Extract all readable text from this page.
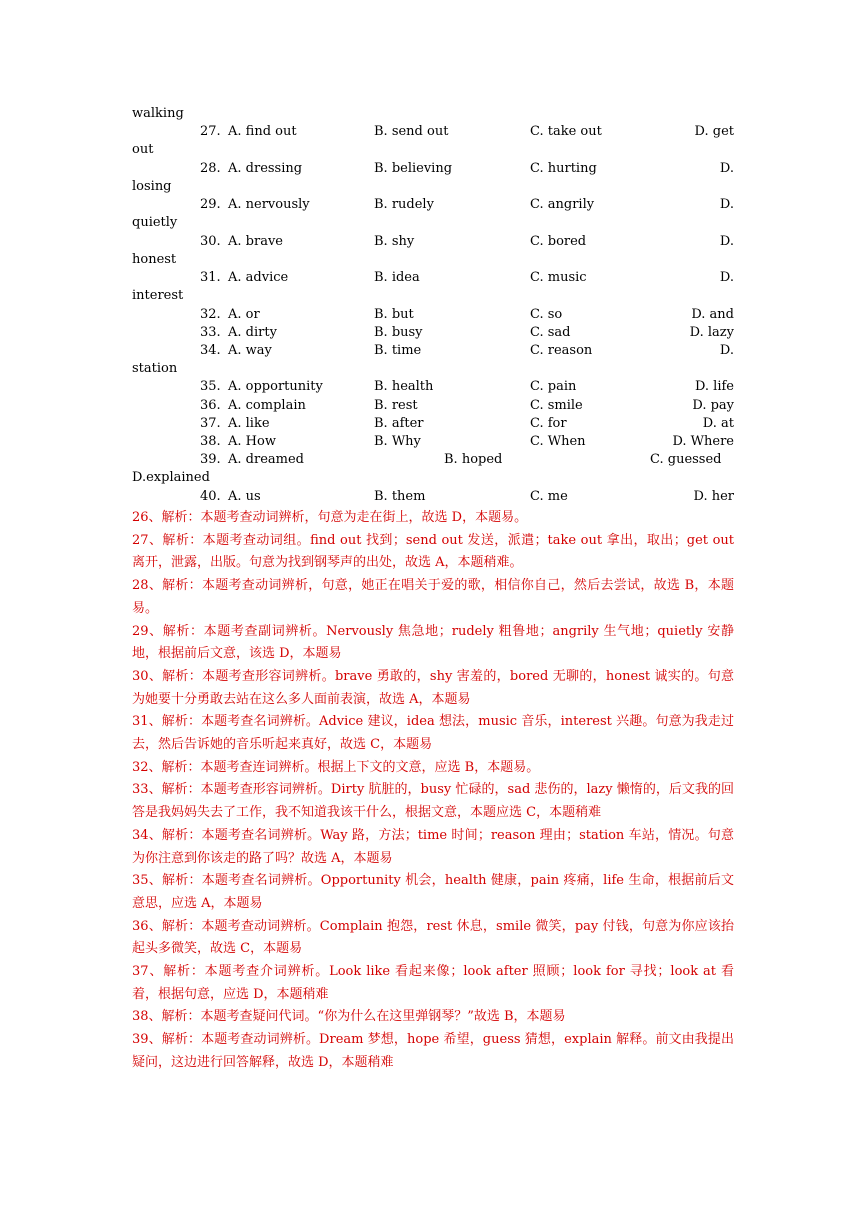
walking
27. A. find out	B. send out	C. take out	D. get
out
28. A. dressing	B. believing	C. hurting	D.
losing
29. A. nervously	B. rudely	C. angrily	D.
quietly
30. A. brave	B. shy	C. bored	D.
honest
31. A. advice	B. idea	C. music	D.
interest
32. A. or	B. but	C. so	D. and
33. A. dirty	B. busy	C. sad	D. lazy
34. A. way	B. time	C. reason	D.
station
35. A. opportunity	B. health	C. pain	D. life
36. A. complain	B. rest	C. smile	D. pay
37. A. like	B. after	C. for	D. at
38. A. How	B. Why	C. When	D. Where
39. A. dreamed	B. hoped	C. guessed
D.explained
40. A. us	B. them	C. me	D. her

26、解析：本题考查动词辨析，句意为走在街上，故选 D，本题易。

27、解析：本题考查动词组。find out 找到；send out 发送，派遣；take out 拿出，取出；get out 离开，泄露，出版。句意为找到钢琴声的出处，故选 A，本题稍难。

28、解析：本题考查动词辨析，句意，她正在唱关于爱的歌，相信你自己，然后去尝试，故选 B，本题易。

29、解析：本题考查副词辨析。Nervously 焦急地；rudely 粗鲁地；angrily 生气地；quietly 安静地，根据前后文意，该选 D，本题易

30、解析：本题考查形容词辨析。brave 勇敢的，shy 害羞的，bored 无聊的，honest 诚实的。句意为她要十分勇敢去站在这么多人面前表演，故选 A，本题易

31、解析：本题考查名词辨析。Advice 建议，idea 想法，music 音乐，interest 兴趣。句意为我走过去，然后告诉她的音乐听起来真好，故选 C，本题易

32、解析：本题考查连词辨析。根据上下文的文意，应选 B，本题易。

33、解析：本题考查形容词辨析。Dirty 肮脏的，busy 忙碌的，sad 悲伤的，lazy 懒惰的，后文我的回答是我妈妈失去了工作，我不知道我该干什么，根据文意，本题应选 C，本题稍难

34、解析：本题考查名词辨析。Way 路，方法；time 时间；reason 理由；station 车站，情况。句意为你注意到你该走的路了吗？故选 A，本题易

35、解析：本题考查名词辨析。Opportunity 机会，health 健康，pain 疼痛，life 生命，根据前后文意思，应选 A，本题易

36、解析：本题考查动词辨析。Complain 抱怨，rest 休息，smile 微笑，pay 付钱，句意为你应该抬起头多微笑，故选 C，本题易

37、解析：本题考查介词辨析。Look like 看起来像；look after 照顾；look for 寻找；look at 看着，根据句意，应选 D，本题稍难

38、解析：本题考查疑问代词。“你为什么在这里弹钢琴？”故选 B，本题易

39、解析：本题考查动词辨析。Dream 梦想，hope 希望，guess 猜想，explain 解释。前文由我提出疑问，这边进行回答解释，故选 D，本题稍难
